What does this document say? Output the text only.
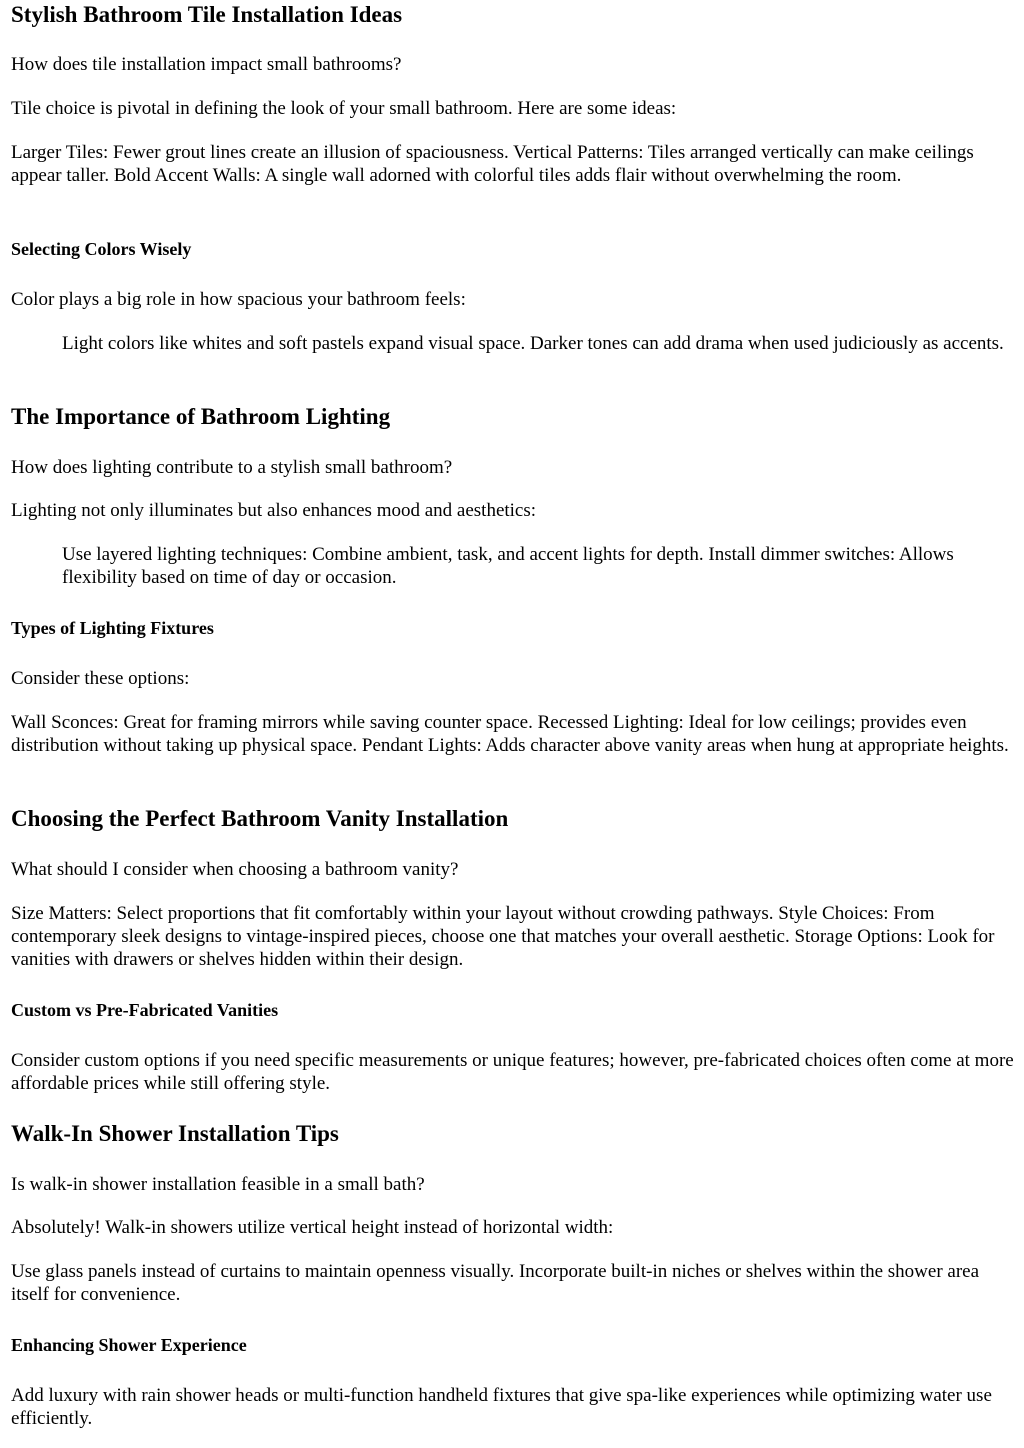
Stylish Bathroom Tile Installation Ideas

How does tile installation impact small bathrooms?

Tile choice is pivotal in defining the look of your small bathroom. Here are some ideas:

Larger Tiles: Fewer grout lines create an illusion of spaciousness. Vertical Patterns: Tiles arranged vertically can make ceilings appear taller. Bold Accent Walls: A single wall adorned with colorful tiles adds flair without overwhelming the room.

Selecting Colors Wisely

Color plays a big role in how spacious your bathroom feels:

Light colors like whites and soft pastels expand visual space. Darker tones can add drama when used judiciously as accents.

The Importance of Bathroom Lighting

How does lighting contribute to a stylish small bathroom?

Lighting not only illuminates but also enhances mood and aesthetics:

Use layered lighting techniques: Combine ambient, task, and accent lights for depth. Install dimmer switches: Allows flexibility based on time of day or occasion.

Types of Lighting Fixtures

Consider these options:

Wall Sconces: Great for framing mirrors while saving counter space. Recessed Lighting: Ideal for low ceilings; provides even distribution without taking up physical space. Pendant Lights: Adds character above vanity areas when hung at appropriate heights.

Choosing the Perfect Bathroom Vanity Installation

What should I consider when choosing a bathroom vanity?

Size Matters: Select proportions that fit comfortably within your layout without crowding pathways. Style Choices: From contemporary sleek designs to vintage-inspired pieces, choose one that matches your overall aesthetic. Storage Options: Look for vanities with drawers or shelves hidden within their design.

Custom vs Pre-Fabricated Vanities

Consider custom options if you need specific measurements or unique features; however, pre-fabricated choices often come at more affordable prices while still offering style.

Walk-In Shower Installation Tips

Is walk-in shower installation feasible in a small bath?

Absolutely! Walk-in showers utilize vertical height instead of horizontal width:

Use glass panels instead of curtains to maintain openness visually. Incorporate built-in niches or shelves within the shower area itself for convenience.

Enhancing Shower Experience

Add luxury with rain shower heads or multi-function handheld fixtures that give spa-like experiences while optimizing water use efficiently.
